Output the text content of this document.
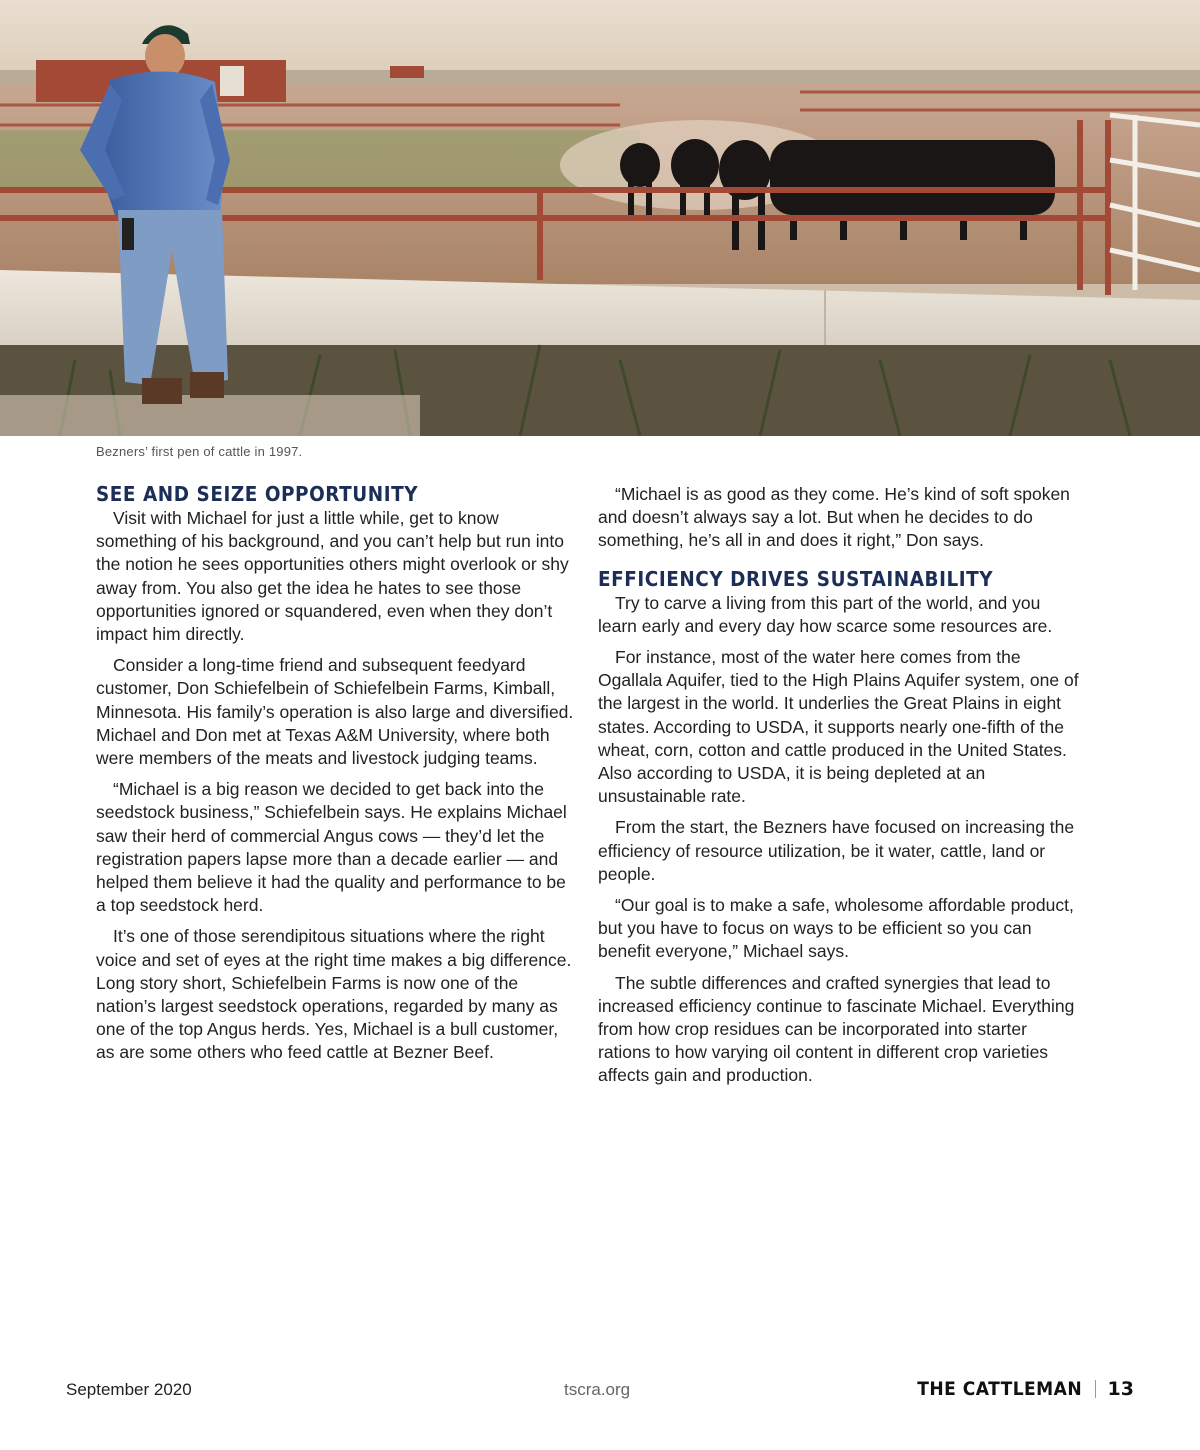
Bezners’ first pen of cattle in 1997.
SEE AND SEIZE OPPORTUNITY

Visit with Michael for just a little while, get to know something of his background, and you can’t help but run into the notion he sees opportunities others might overlook or shy away from. You also get the idea he hates to see those opportunities ignored or squandered, even when they don’t impact him directly.

Consider a long-time friend and subsequent feedyard customer, Don Schiefelbein of Schiefelbein Farms, Kimball, Minnesota. His family’s operation is also large and diversified. Michael and Don met at Texas A&M University, where both were members of the meats and livestock judging teams.

“Michael is a big reason we decided to get back into the seedstock business,” Schiefelbein says. He explains Michael saw their herd of commercial Angus cows — they’d let the registration papers lapse more than a decade earlier — and helped them believe it had the quality and performance to be a top seedstock herd.

It’s one of those serendipitous situations where the right voice and set of eyes at the right time makes a big difference. Long story short, Schiefelbein Farms is now one of the nation’s largest seedstock operations, regarded by many as one of the top Angus herds. Yes, Michael is a bull customer, as are some others who feed cattle at Bezner Beef.

“Michael is as good as they come. He’s kind of soft spoken and doesn’t always say a lot. But when he decides to do something, he’s all in and does it right,” Don says.

EFFICIENCY DRIVES SUSTAINABILITY

Try to carve a living from this part of the world, and you learn early and every day how scarce some resources are.

For instance, most of the water here comes from the Ogallala Aquifer, tied to the High Plains Aquifer system, one of the largest in the world. It underlies the Great Plains in eight states. According to USDA, it supports nearly one-fifth of the wheat, corn, cotton and cattle produced in the United States. Also according to USDA, it is being depleted at an unsustainable rate.

From the start, the Bezners have focused on increasing the efficiency of resource utilization, be it water, cattle, land or people.

“Our goal is to make a safe, wholesome affordable product, but you have to focus on ways to be efficient so you can benefit everyone,” Michael says.

The subtle differences and crafted synergies that lead to increased efficiency continue to fascinate Michael. Everything from how crop residues can be incorporated into starter rations to how varying oil content in different crop varieties affects gain and production.

September 2020	tscra.org	THE CATTLEMAN 13
